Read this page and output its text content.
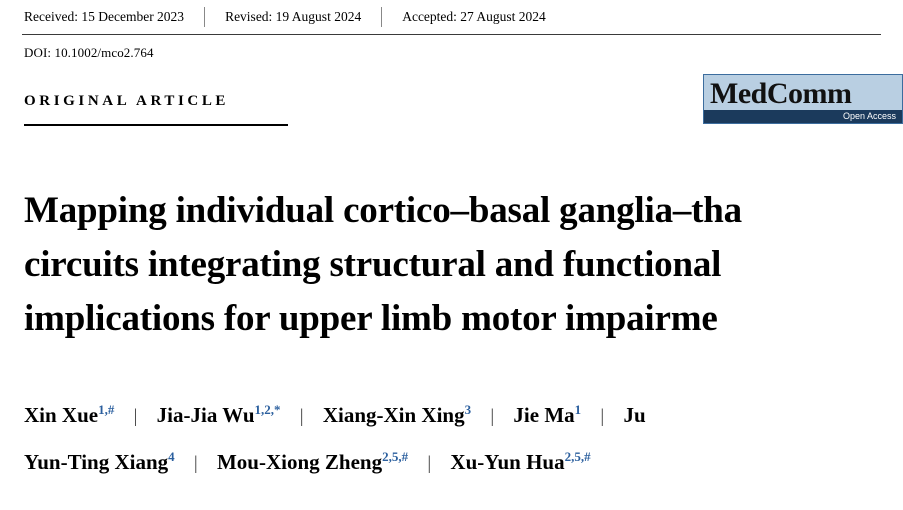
Received: 15 December 2023	Revised: 19 August 2024	Accepted: 27 August 2024
DOI: 10.1002/mco2.764
MedComm
Open Access
ORIGINAL ARTICLE
Mapping individual cortico–basal ganglia–tha
circuits integrating structural and functional
implications for upper limb motor impairme
Xin Xue$^{1,\#}$ | Jia-Jia $Wu^{1,2,*}$ | Xiang-Xin Xing$^3$ | Jie Ma$^1$ | Ju
Yun-Ting Xiang$^4$ | Mou-Xiong Zheng$^{2,5,\#}$ | Xu-Yun Hua$^{2,5,\#}$
